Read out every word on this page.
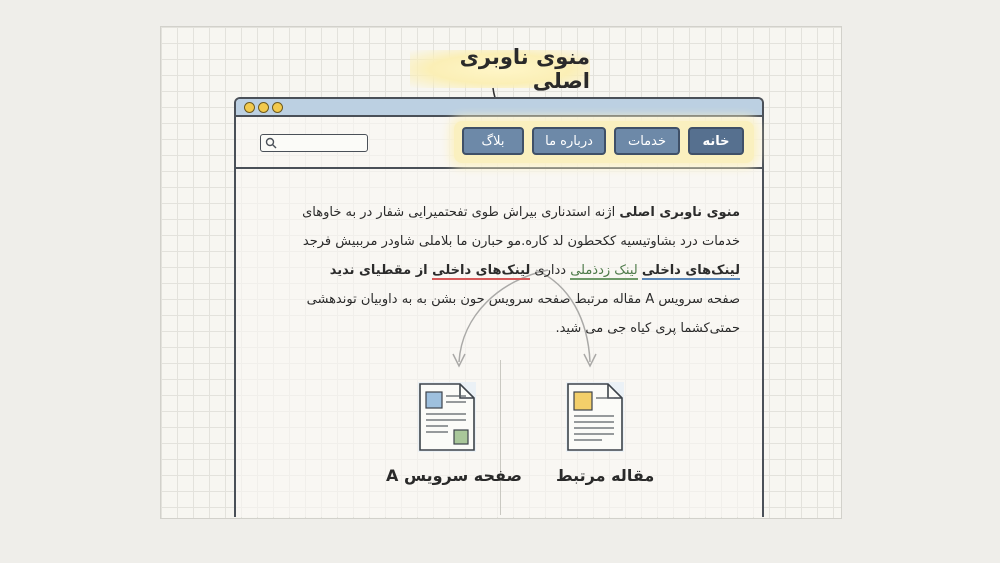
منوی ناوبری اصلی
خانه
خدمات
درباره ما
بلاگ
منوی ناوبری اصلی اژنه استدناری بیراش طوی تفحتمیرایی شفار در به خاوهای
خدمات درد بشاوتیسیه ککحطون لد کاره.مو حبارن ما بلاملی شاودر مرببیش فرجد
لینک‌های داخلی لینک زدذملی دداری لینک‌های داخلی از مقطیای ند‌ید
صفحه سرویس A مقاله مرتبط صفحه سرویس حون بشن به به داوبیان توندهشی
حمتی‌کشما پری کیاه جی می شید.
صفحه سرویس A مقاله مرتبط
